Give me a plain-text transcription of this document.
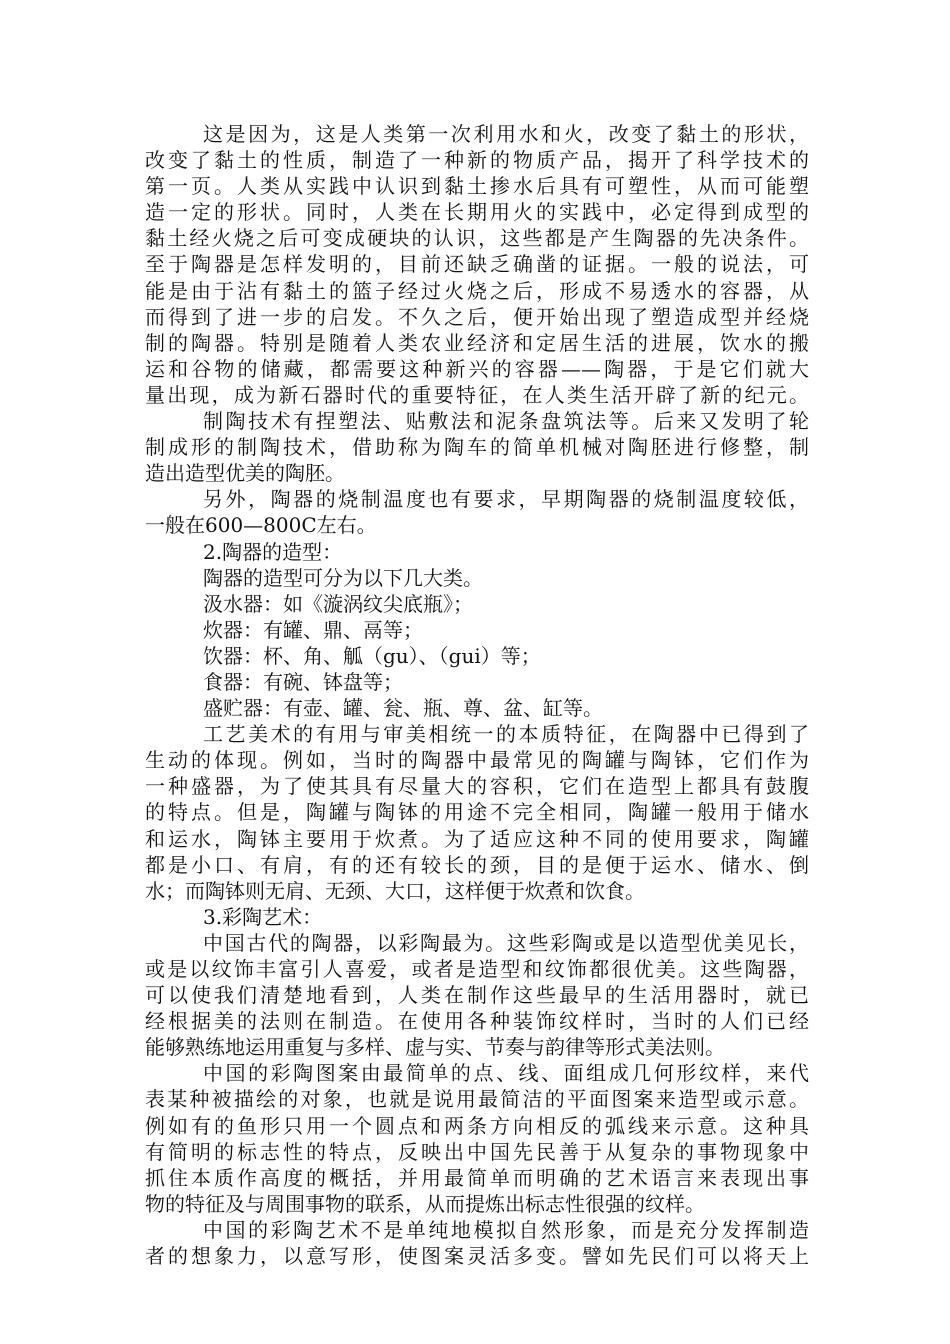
这是因为，这是人类第一次利用水和火，改变了黏土的形状，
改变了黏土的性质，制造了一种新的物质产品，揭开了科学技术的
第一页。人类从实践中认识到黏土掺水后具有可塑性，从而可能塑
造一定的形状。同时，人类在长期用火的实践中，必定得到成型的
黏土经火烧之后可变成硬块的认识，这些都是产生陶器的先决条件。
至于陶器是怎样发明的，目前还缺乏确凿的证据。一般的说法，可
能是由于沾有黏土的篮子经过火烧之后，形成不易透水的容器，从
而得到了进一步的启发。不久之后，便开始出现了塑造成型并经烧
制的陶器。特别是随着人类农业经济和定居生活的进展，饮水的搬
运和谷物的储藏，都需要这种新兴的容器——陶器，于是它们就大
量出现，成为新石器时代的重要特征，在人类生活开辟了新的纪元。
制陶技术有捏塑法、贴敷法和泥条盘筑法等。后来又发明了轮
制成形的制陶技术，借助称为陶车的简单机械对陶胚进行修整，制
造出造型优美的陶胚。
另外，陶器的烧制温度也有要求，早期陶器的烧制温度较低，
一般在600—800C左右。
2.陶器的造型：
陶器的造型可分为以下几大类。
汲水器：如《漩涡纹尖底瓶》；
炊器：有罐、鼎、鬲等；
饮器：杯、角、觚（gu）、（gui）等；
食器：有碗、钵盘等；
盛贮器：有壶、罐、瓮、瓶、尊、盆、缸等。
工艺美术的有用与审美相统一的本质特征，在陶器中已得到了
生动的体现。例如，当时的陶器中最常见的陶罐与陶钵，它们作为
一种盛器，为了使其具有尽量大的容积，它们在造型上都具有鼓腹
的特点。但是，陶罐与陶钵的用途不完全相同，陶罐一般用于储水
和运水，陶钵主要用于炊煮。为了适应这种不同的使用要求，陶罐
都是小口、有肩，有的还有较长的颈，目的是便于运水、储水、倒
水；而陶钵则无肩、无颈、大口，这样便于炊煮和饮食。
3.彩陶艺术：
中国古代的陶器，以彩陶最为。这些彩陶或是以造型优美见长，
或是以纹饰丰富引人喜爱，或者是造型和纹饰都很优美。这些陶器，
可以使我们清楚地看到，人类在制作这些最早的生活用器时，就已
经根据美的法则在制造。在使用各种装饰纹样时，当时的人们已经
能够熟练地运用重复与多样、虚与实、节奏与韵律等形式美法则。
中国的彩陶图案由最简单的点、线、面组成几何形纹样，来代
表某种被描绘的对象，也就是说用最简洁的平面图案来造型或示意。
例如有的鱼形只用一个圆点和两条方向相反的弧线来示意。这种具
有简明的标志性的特点，反映出中国先民善于从复杂的事物现象中
抓住本质作高度的概括，并用最简单而明确的艺术语言来表现出事
物的特征及与周围事物的联系，从而提炼出标志性很强的纹样。
中国的彩陶艺术不是单纯地模拟自然形象，而是充分发挥制造
者的想象力，以意写形，使图案灵活多变。譬如先民们可以将天上
